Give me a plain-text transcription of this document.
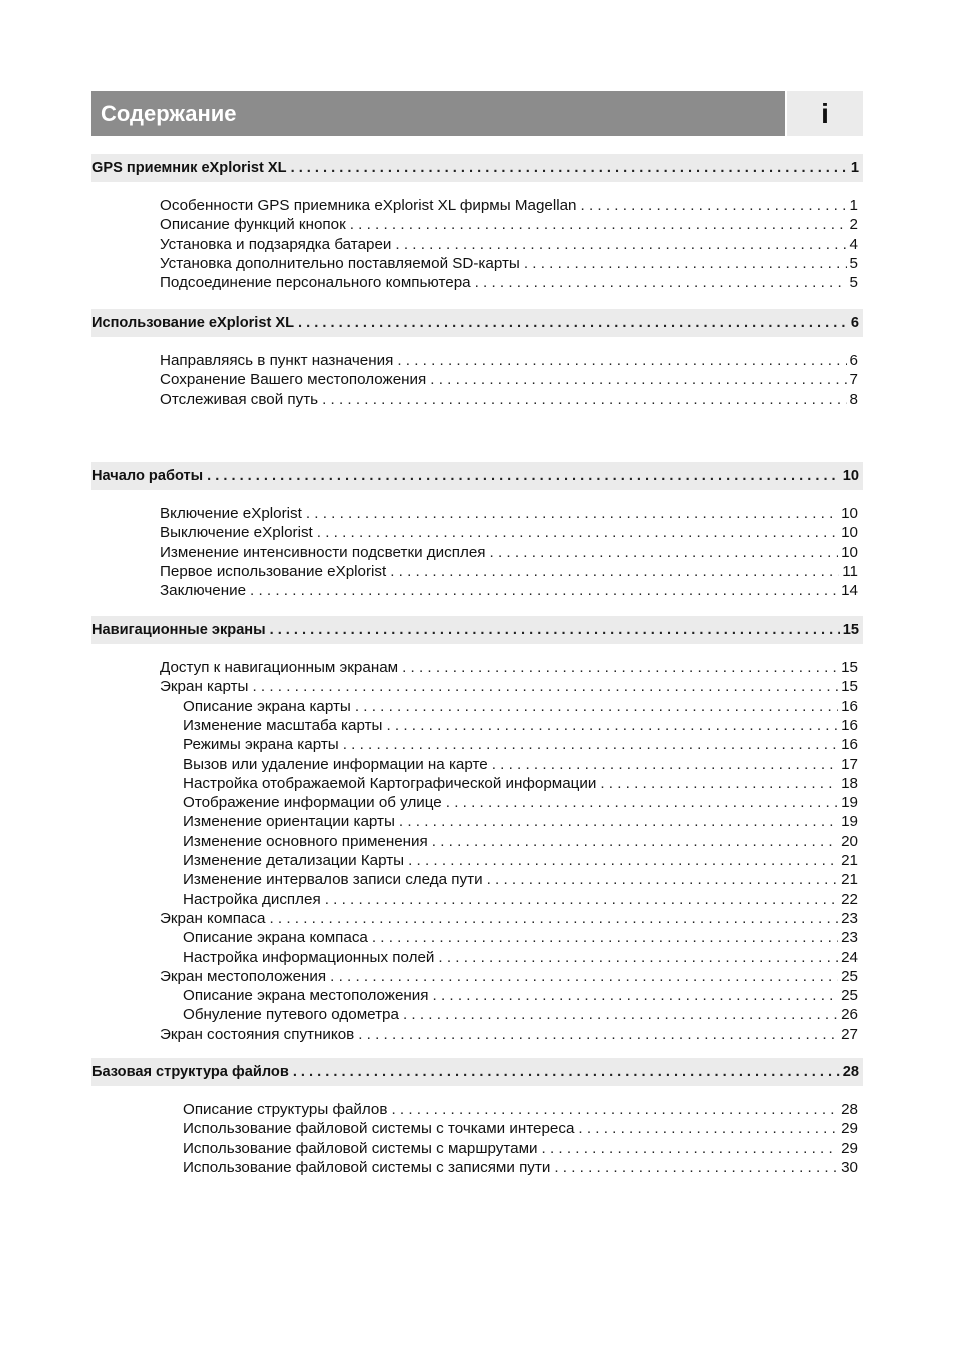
Содержание	i
GPS приемник eXplorist XL . . .	1
Особенности GPS приемника eXplorist XL фирмы Magellan . . .	1
Описание функций кнопок . . .	2
Установка и подзарядка батареи . . .	4
Установка дополнительно поставляемой SD-карты . . .	5
Подсоединение персонального компьютера . . .	5
Использование eXplorist XL . . .	6
Направляясь в пункт назначения . . .	6
Сохранение Вашего местоположения . . .	7
Отслеживая свой путь . . .	8
Начало работы . . .	10
Включение eXplorist . . .	10
Выключение eXplorist . . .	10
Изменение интенсивности подсветки дисплея . . .	10
Первое использование eXplorist . . .	11
Заключение . . .	14
Навигационные экраны . . .	15
Доступ к навигационным экранам . . .	15
Экран карты . . .	15
Описание экрана карты . . .	16
Изменение масштаба карты . . .	16
Режимы экрана карты . . .	16
Вызов или удаление информации на карте . . .	17
Настройка отображаемой Картографической информации . . .	18
Отображение информации об улице . . .	19
Изменение ориентации карты . . .	19
Изменение основного применения . . .	20
Изменение детализации Карты . . .	21
Изменение интервалов записи следа пути . . .	21
Настройка дисплея . . .	22
Экран компаса . . .	23
Описание экрана компаса . . .	23
Настройка информационных полей . . .	24
Экран местоположения . . .	25
Описание экрана местоположения . . .	25
Обнуление путевого одометра . . .	26
Экран состояния спутников . . .	27
Базовая структура файлов . . .	28
Описание структуры файлов . . .	28
Использование файловой системы с точками интереса . . .	29
Использование файловой системы с маршрутами . . .	29
Использование файловой системы с записями пути . . .	30
